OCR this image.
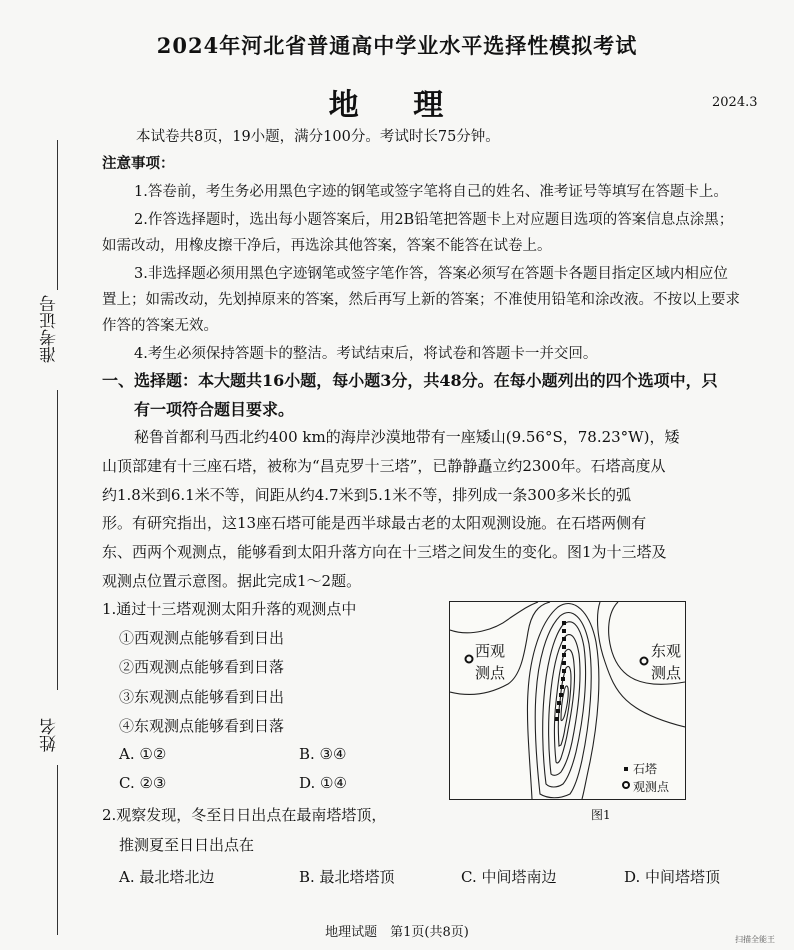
2024年河北省普通高中学业水平选择性模拟考试
地 理	2024.3
准考证号
姓名
本试卷共8页，19小题，满分100分。考试时长75分钟。
注意事项：
1.答卷前，考生务必用黑色字迹的钢笔或签字笔将自己的姓名、准考证号等填写在答题卡上。
2.作答选择题时，选出每小题答案后，用2B铅笔把答题卡上对应题目选项的答案信息点涂黑；
如需改动，用橡皮擦干净后，再选涂其他答案，答案不能答在试卷上。
3.非选择题必须用黑色字迹钢笔或签字笔作答，答案必须写在答题卡各题目指定区域内相应位
置上；如需改动，先划掉原来的答案，然后再写上新的答案；不准使用铅笔和涂改液。不按以上要求
作答的答案无效。
4.考生必须保持答题卡的整洁。考试结束后，将试卷和答题卡一并交回。
一、选择题：本大题共16小题，每小题3分，共48分。在每小题列出的四个选项中，只
有一项符合题目要求。
秘鲁首都利马西北约400 km的海岸沙漠地带有一座矮山(9.56°S，78.23°W)，矮
山顶部建有十三座石塔，被称为“昌克罗十三塔”，已静静矗立约2300年。石塔高度从
约1.8米到6.1米不等，间距从约4.7米到5.1米不等，排列成一条300多米长的弧
形。有研究指出，这13座石塔可能是西半球最古老的太阳观测设施。在石塔两侧有
东、西两个观测点，能够看到太阳升落方向在十三塔之间发生的变化。图1为十三塔及
观测点位置示意图。据此完成1～2题。
1.通过十三塔观测太阳升落的观测点中
①西观测点能够看到日出
②西观测点能够看到日落
③东观测点能够看到日出
④东观测点能够看到日落
A. ①②	B. ③④
C. ②③	D. ①④
2.观察发现，冬至日日出点在最南塔塔顶，
推测夏至日日出点在
A. 最北塔北边	B. 最北塔塔顶	C. 中间塔南边	D. 中间塔塔顶
西观
测点
东观
测点
石塔
观测点
图1
地理试题　第1页(共8页)	扫描全能王
